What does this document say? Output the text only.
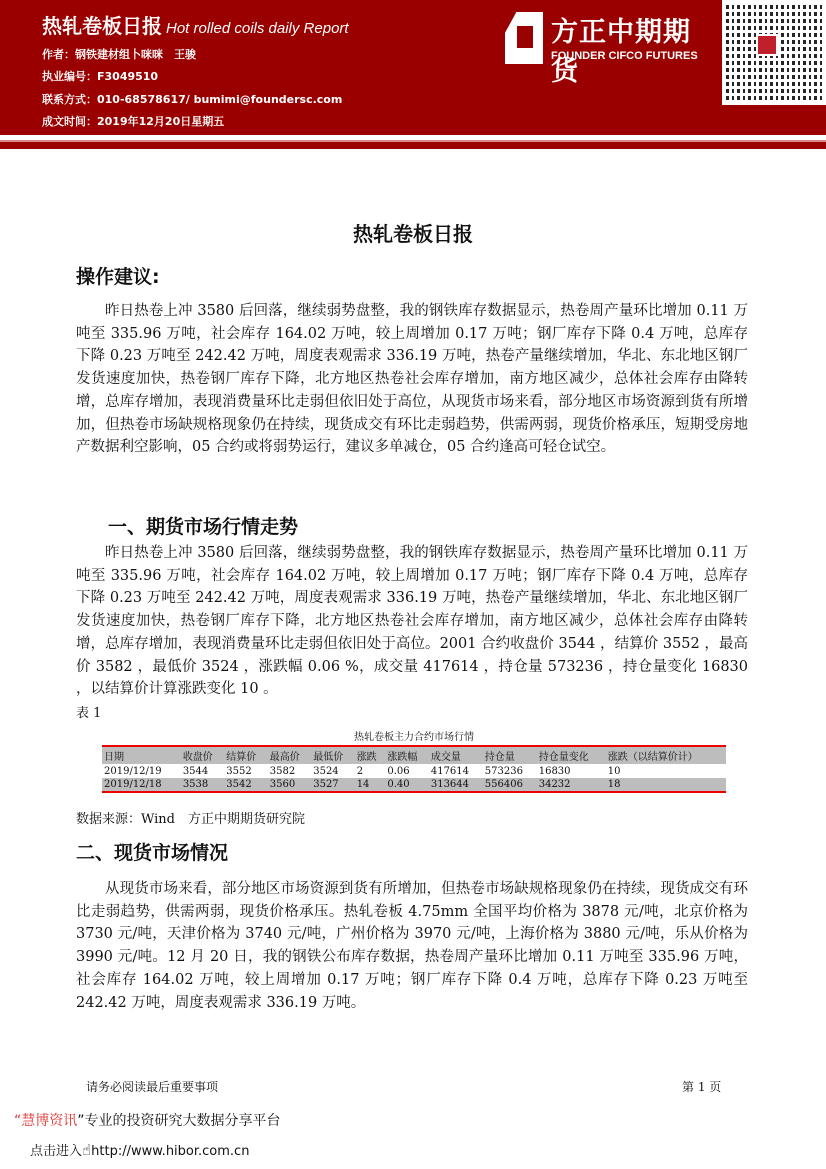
热轧卷板日报 Hot rolled coils daily Report
作者：钢铁建材组卜咪咪　王骏
执业编号：F3049510
联系方式：010-68578617/ bumimi@foundersc.com
成文时间：2019年12月20日星期五
方正中期期货
FOUNDER CIFCO FUTURES
热轧卷板日报
操作建议:
昨日热卷上冲 3580 后回落，继续弱势盘整，我的钢铁库存数据显示，热卷周产量环比增加 0.11 万吨至 335.96 万吨，社会库存 164.02 万吨，较上周增加 0.17 万吨；钢厂库存下降 0.4 万吨，总库存下降 0.23 万吨至 242.42 万吨，周度表观需求 336.19 万吨，热卷产量继续增加，华北、东北地区钢厂发货速度加快，热卷钢厂库存下降，北方地区热卷社会库存增加，南方地区减少，总体社会库存由降转增，总库存增加，表现消费量环比走弱但依旧处于高位，从现货市场来看，部分地区市场资源到货有所增加，但热卷市场缺规格现象仍在持续，现货成交有环比走弱趋势，供需两弱，现货价格承压，短期受房地产数据利空影响，05 合约或将弱势运行，建议多单减仓，05 合约逢高可轻仓试空。
一、期货市场行情走势
昨日热卷上冲 3580 后回落，继续弱势盘整，我的钢铁库存数据显示，热卷周产量环比增加 0.11 万吨至 335.96 万吨，社会库存 164.02 万吨，较上周增加 0.17 万吨；钢厂库存下降 0.4 万吨，总库存下降 0.23 万吨至 242.42 万吨，周度表观需求 336.19 万吨，热卷产量继续增加，华北、东北地区钢厂发货速度加快，热卷钢厂库存下降，北方地区热卷社会库存增加，南方地区减少，总体社会库存由降转增，总库存增加，表现消费量环比走弱但依旧处于高位。2001 合约收盘价 3544 ，结算价 3552 ，最高价 3582 ，最低价 3524 ，涨跌幅 0.06 %，成交量 417614 ，持仓量 573236 ，持仓量变化 16830 ，以结算价计算涨跌变化 10 。
表 1
热轧卷板主力合约市场行情
日期	收盘价	结算价	最高价	最低价	涨跌	涨跌幅	成交量	持仓量	持仓量变化	涨跌（以结算价计）
2019/12/19	3544	3552	3582	3524	2	0.06	417614	573236	16830	10
2019/12/18	3538	3542	3560	3527	14	0.40	313644	556406	34232	18
数据来源：Wind　方正中期期货研究院
二、现货市场情况
从现货市场来看，部分地区市场资源到货有所增加，但热卷市场缺规格现象仍在持续，现货成交有环比走弱趋势，供需两弱，现货价格承压。热轧卷板 4.75mm 全国平均价格为 3878 元/吨，北京价格为 3730 元/吨，天津价格为 3740 元/吨，广州价格为 3970 元/吨，上海价格为 3880 元/吨，乐从价格为 3990 元/吨。12 月 20 日，我的钢铁公布库存数据，热卷周产量环比增加 0.11 万吨至 335.96 万吨，社会库存 164.02 万吨，较上周增加 0.17 万吨；钢厂库存下降 0.4 万吨，总库存下降 0.23 万吨至 242.42 万吨，周度表观需求 336.19 万吨。
请务必阅读最后重要事项	第 1 页
“慧博资讯”专业的投资研究大数据分享平台
点击进入☝http://www.hibor.com.cn
